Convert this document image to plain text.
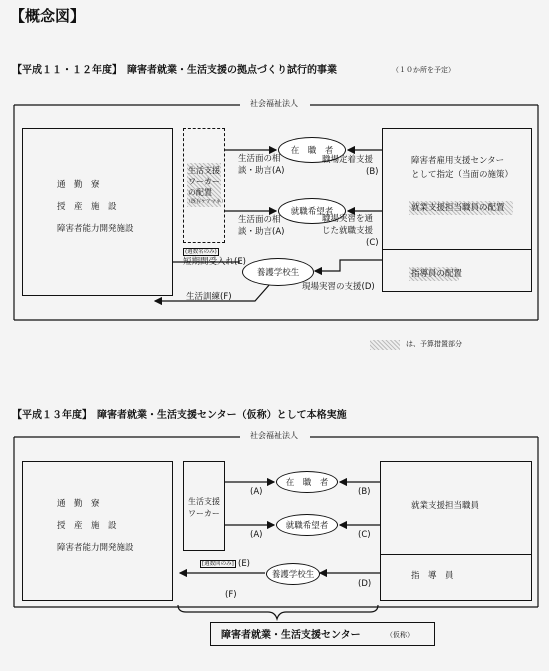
【概念図】
【平成１１・１２年度】　障害者就業・生活支援の拠点づくり試行的事業	（１０か所を予定）
社会福祉法人
通　勤　寮
授　産　施　設
障害者能力開発施設
生活支援
ワーカー
の配置
（既存ケアマネ）
在　職　者
就職希望者
養護学校生
生活面の相
談・助言(A)
生活面の相
談・助言(A)
職場定着支援
(B)
職場実習を通
じた就職支援
(C)
現場実習の支援(D)
(週数名のみ)
短期間受入れ(E)
生活訓練(F)
障害者雇用支援センター
として指定（当面の施策）
就業支援担当職員の配置
指導員の配置
は、予算措置部分
【平成１３年度】　障害者就業・生活支援センター（仮称）として本格実施
社会福祉法人
通　勤　寮
授　産　施　設
障害者能力開発施設
生活支援
ワーカー
在　職　者
就職希望者
養護学校生
(A)
(A)
(B)
(C)
(D)
[週数回のみ] (E)
(F)
就業支援担当職員
指　導　員
障害者就業・生活支援センター	（仮称）
